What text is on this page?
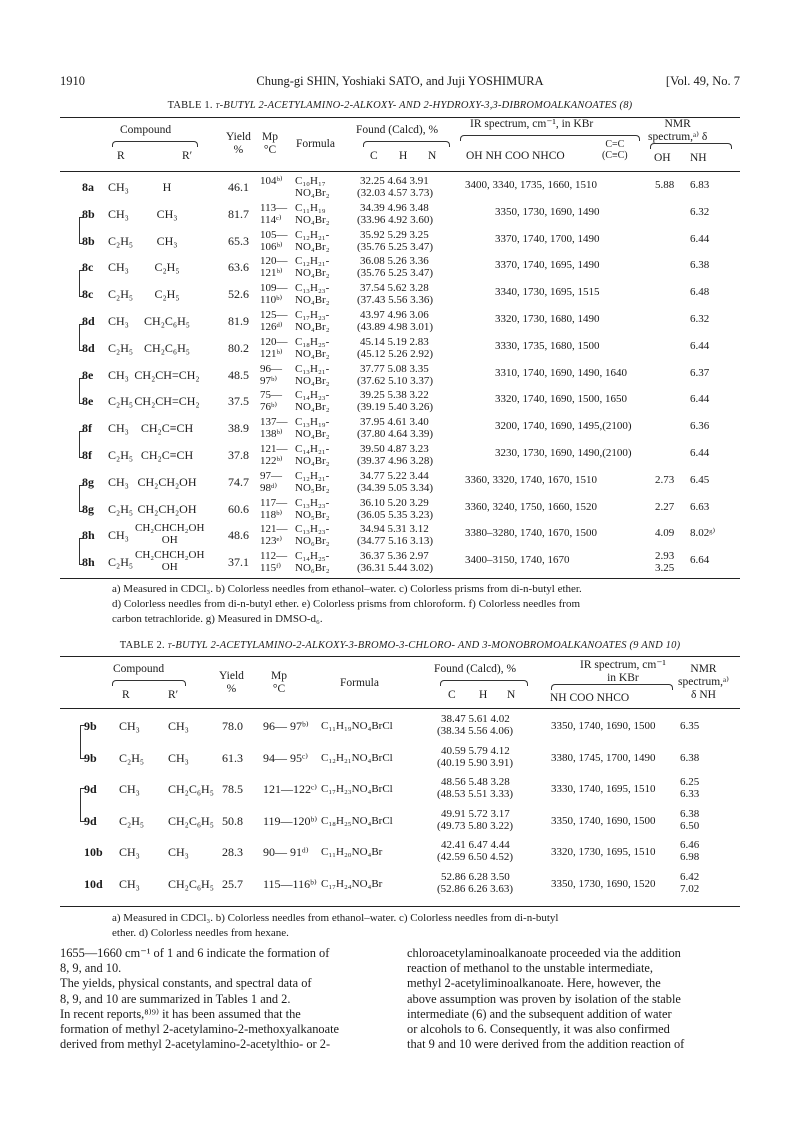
1910	Chung-gi SHIN, Yoshiaki SATO, and Juji YOSHIMURA	[Vol. 49, No. 7
TABLE 1. t-BUTYL 2-ACETYLAMINO-2-ALKOXY- AND 2-HYDROXY-3,3-DIBROMOALKANOATES (8)
Compound
R	R′
Yield
%
Mp
°C Formula
Found (Calcd), %
C H N
IR spectrum, cm⁻¹, in KBr
OH NH COO NHCO
C=C
(C≡C)
NMR
spectrum,ᵃ⁾ δ
OH NH
8a CH₃	H	46.1 104ᵇ⁾ C₁₀H₁₇
NO₄Br₂
32.25 4.64 3.91
(32.03 4.57 3.73)
3400, 3340, 1735, 1660, 1510	5.88 6.83
8b CH₃	CH₃	81.7 113—
114ᶜ⁾
C₁₁H₁₉
NO₄Br₂
34.39 4.96 3.48
(33.96 4.92 3.60)
3350, 1730, 1690, 1490	6.32
8b C₂H₅	CH₃	65.3 105—
106ᵇ⁾
C₁₂H₂₁-
NO₄Br₂
35.92 5.29 3.25
(35.76 5.25 3.47)
3370, 1740, 1700, 1490	6.44
8c CH₃	C₂H₅	63.6 120—
121ᵇ⁾
C₁₂H₂₁-
NO₄Br₂
36.08 5.26 3.36
(35.76 5.25 3.47)
3370, 1740, 1695, 1490	6.38
8c C₂H₅	C₂H₅	52.6 109—
110ᵇ⁾
C₁₃H₂₃-
NO₄Br₂
37.54 5.62 3.28
(37.43 5.56 3.36)
3340, 1730, 1695, 1515	6.48
8d CH₃	CH₂C₆H₅	81.9 125—
126ᵈ⁾
C₁₇H₂₃-
NO₄Br₂
43.97 4.96 3.06
(43.89 4.98 3.01)
3320, 1730, 1680, 1490	6.32
8d C₂H₅ CH₂C₆H₅	80.2 120—
121ᵇ⁾
C₁₈H₂₅-
NO₄Br₂
45.14 5.19 2.83
(45.12 5.26 2.92)
3330, 1735, 1680, 1500	6.44
8e CH₃ CH₂CH=CH₂ 48.5 96—
97ᵇ⁾
C₁₃H₂₁-
NO₄Br₂
37.77 5.08 3.35
(37.62 5.10 3.37)
3310, 1740, 1690, 1490, 1640	6.37
8e C₂H₅ CH₂CH=CH₂ 37.5 75—
76ᵇ⁾
C₁₄H₂₃-
NO₄Br₂
39.25 5.38 3.22
(39.19 5.40 3.26)
3320, 1740, 1690, 1500, 1650	6.44
8f CH₃ CH₂C≡CH	38.9 137—
138ᵇ⁾
C₁₃H₁₉-
NO₄Br₂
37.95 4.61 3.40
(37.80 4.64 3.39)
3200, 1740, 1690, 1495,(2100)	6.36
8f C₂H₅ CH₂C≡CH	37.8 121—
122ᵇ⁾
C₁₄H₂₁-
NO₄Br₂
39.50 4.87 3.23
(39.37 4.96 3.28)
3230, 1730, 1690, 1490,(2100)	6.44
8g CH₃ CH₂CH₂OH	74.7 97—
98ᵈ⁾
C₁₂H₂₁-
NO₅Br₂
34.77 5.22 3.44
(34.39 5.05 3.34)
3360, 3320, 1740, 1670, 1510	2.73 6.45
8g C₂H₅ CH₂CH₂OH	60.6 117—
118ᵇ⁾
C₁₃H₂₃-
NO₅Br₂
36.10 5.20 3.29
(36.05 5.35 3.23)
3360, 3240, 1750, 1660, 1520	2.27 6.63
8h CH₃ CH₂CHCH₂OH
OH	48.6 121—
123ᵉ⁾
C₁₃H₂₃-
NO₆Br₂
34.94 5.31 3.12
(34.77 5.16 3.13)
3380–3280, 1740, 1670, 1500	4.09 8.02ᵍ⁾
8h C₂H₅ CH₂CHCH₂OH
OH	37.1 112—
115ᶠ⁾
C₁₄H₂₅-
NO₆Br₂
36.37 5.36 2.97
(36.31 5.44 3.02)
3400–3150, 1740, 1670	2.93
3.25
6.64
a) Measured in CDCl₃. b) Colorless needles from ethanol–water. c) Colorless prisms from di-n-butyl ether.
d) Colorless needles from di-n-butyl ether. e) Colorless prisms from chloroform. f) Colorless needles from
carbon tetrachloride. g) Measured in DMSO-d₆.
TABLE 2. t-BUTYL 2-ACETYLAMINO-2-ALKOXY-3-BROMO-3-CHLORO- AND 3-MONOBROMOALKANOATES (9 AND 10)
Compound
R	R′
Yield
%
Mp
°C	Formula
Found (Calcd), %
C H N
IR spectrum, cm⁻¹
in KBr
NH COO NHCO
NMR
spectrum,ᵃ⁾
δ NH
9b CH₃ CH₃	78.0 96— 97ᵇ⁾ C₁₁H₁₉NO₄BrCl
38.47 5.61 4.02
(38.34 5.56 4.06)	3350, 1740, 1690, 1500 6.35
9b C₂H₅ CH₃	61.3 94— 95ᶜ⁾ C₁₂H₂₁NO₄BrCl
40.59 5.79 4.12
(40.19 5.90 3.91)	3380, 1745, 1700, 1490 6.38
9d CH₃ CH₂C₆H₅ 78.5 121—122ᶜ⁾ C₁₇H₂₃NO₄BrCl
48.56 5.48 3.28
(48.53 5.51 3.33)	3330, 1740, 1695, 1510
6.25
6.33
9d C₂H₅ CH₂C₆H₅ 50.8 119—120ᵇ⁾ C₁₈H₂₅NO₄BrCl
49.91 5.72 3.17
(49.73 5.80 3.22)	3350, 1740, 1690, 1500
6.38
6.50
10b CH₃ CH₃	28.3 90— 91ᵈ⁾ C₁₁H₂₀NO₄Br
42.41 6.47 4.44
(42.59 6.50 4.52)	3320, 1730, 1695, 1510
6.46
6.98
10d CH₃ CH₂C₆H₅ 25.7 115—116ᵇ⁾ C₁₇H₂₄NO₄Br
52.86 6.28 3.50
(52.86 6.26 3.63)	3350, 1730, 1690, 1520
6.42
7.02
a) Measured in CDCl₃. b) Colorless needles from ethanol–water. c) Colorless needles from di-n-butyl
ether. d) Colorless needles from hexane.
1655—1660 cm⁻¹ of 1 and 6 indicate the formation of
8, 9, and 10.
The yields, physical constants, and spectral data of
8, 9, and 10 are summarized in Tables 1 and 2.
In recent reports,⁸⁾⁹⁾ it has been assumed that the
formation of methyl 2-acetylamino-2-methoxyalkanoate
derived from methyl 2-acetylamino-2-acetylthio- or 2-
chloroacetylaminoalkanoate proceeded via the addition
reaction of methanol to the unstable intermediate,
methyl 2-acetyliminoalkanoate. Here, however, the
above assumption was proven by isolation of the stable
intermediate (6) and the subsequent addition of water
or alcohols to 6. Consequently, it was also confirmed
that 9 and 10 were derived from the addition reaction of
